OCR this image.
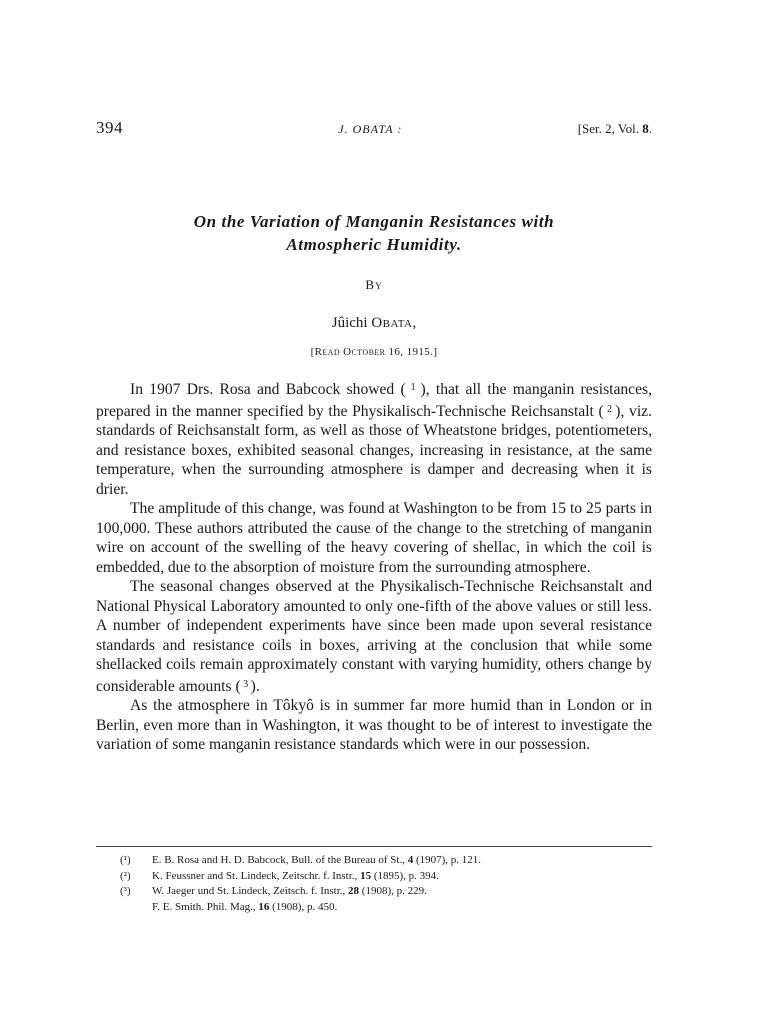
394	J. OBATA :	[Ser. 2, Vol. 8.
On the Variation of Manganin Resistances with
Atmospheric Humidity.
By
Jûichi Obata,
[Read October 16, 1915.]

In 1907 Drs. Rosa and Babcock showed ( $^1$ ), that all the manganin resistances, prepared in the manner specified by the Physikalisch-Technische Reichsanstalt ( $^2$ ), viz. standards of Reichsanstalt form, as well as those of Wheatstone bridges, potentiometers, and resistance boxes, exhibited seasonal changes, increasing in resistance, at the same temperature, when the surrounding atmosphere is damper and decreasing when it is drier.

The amplitude of this change, was found at Washington to be from 15 to 25 parts in 100,000. These authors attributed the cause of the change to the stretching of manganin wire on account of the swelling of the heavy covering of shellac, in which the coil is embedded, due to the absorption of moisture from the surrounding atmosphere.

The seasonal changes observed at the Physikalisch-Technische Reichsanstalt and National Physical Laboratory amounted to only one-fifth of the above values or still less. A number of independent experiments have since been made upon several resistance standards and resistance coils in boxes, arriving at the conclusion that while some shellacked coils remain approximately constant with varying humidity, others change by considerable amounts ( $^3$ ).

As the atmosphere in Tôkyô is in summer far more humid than in London or in Berlin, even more than in Washington, it was thought to be of interest to investigate the variation of some manganin resistance standards which were in our possession.

(¹)	E. B. Rosa and H. D. Babcock, Bull. of the Bureau of St., 4 (1907), p. 121.
(²)	K. Feussner and St. Lindeck, Zeitschr. f. Instr., 15 (1895), p. 394.
(³)	W. Jaeger und St. Lindeck, Zeitsch. f. Instr., 28 (1908), p. 229.
F. E. Smith. Phil. Mag., 16 (1908), p. 450.
